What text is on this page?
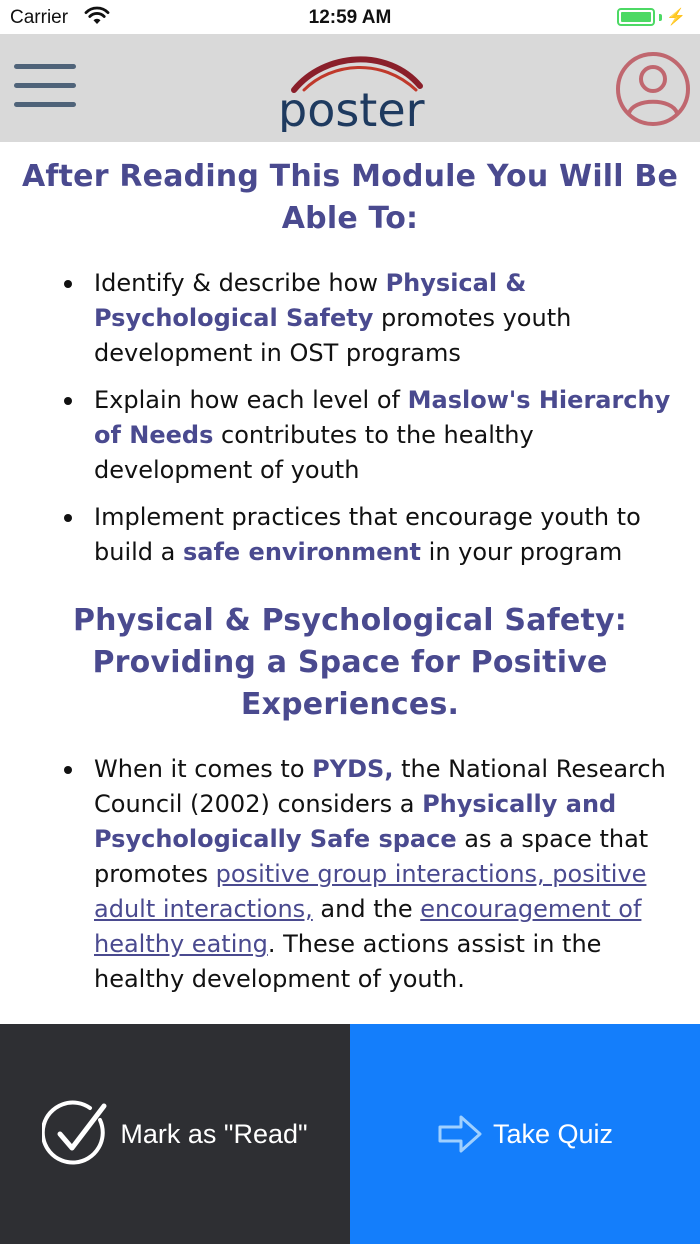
Carrier	12:59 AM	⚡
poster
After Reading This Module You Will Be Able To:
Identify & describe how Physical & Psychological Safety promotes youth development in OST programs
Explain how each level of Maslow's Hierarchy of Needs contributes to the healthy development of youth
Implement practices that encourage youth to build a safe environment in your program
Physical & Psychological Safety: Providing a Space for Positive Experiences.
When it comes to PYDS, the National Research Council (2002) considers a Physically and Psychologically Safe space as a space that promotes positive group interactions, positive adult interactions, and the encouragement of healthy eating. These actions assist in the healthy development of youth.
Mark as "Read"	Take Quiz
